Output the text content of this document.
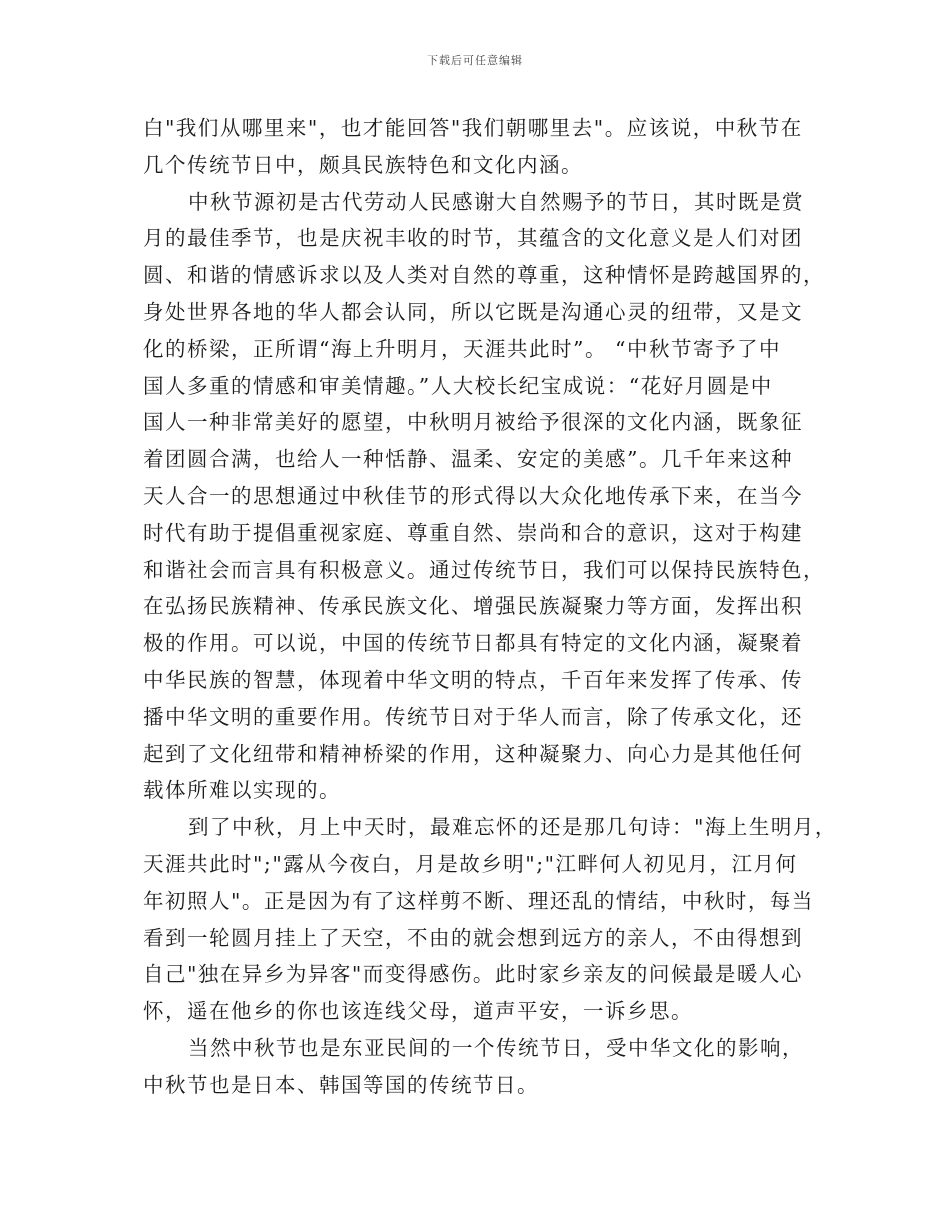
下载后可任意编辑
白"我们从哪里来"，也才能回答"我们朝哪里去"。应该说，中秋节在
几个传统节日中，颇具民族特色和文化内涵。
中秋节源初是古代劳动人民感谢大自然赐予的节日，其时既是赏
月的最佳季节，也是庆祝丰收的时节，其蕴含的文化意义是人们对团
圆、和谐的情感诉求以及人类对自然的尊重，这种情怀是跨越国界的，
身处世界各地的华人都会认同，所以它既是沟通心灵的纽带，又是文
化的桥梁，正所谓“海上升明月，天涯共此时”。 “中秋节寄予了中
国人多重的情感和审美情趣。”人大校长纪宝成说：“花好月圆是中
国人一种非常美好的愿望，中秋明月被给予很深的文化内涵，既象征
着团圆合满，也给人一种恬静、温柔、安定的美感”。几千年来这种
天人合一的思想通过中秋佳节的形式得以大众化地传承下来，在当今
时代有助于提倡重视家庭、尊重自然、崇尚和合的意识，这对于构建
和谐社会而言具有积极意义。通过传统节日，我们可以保持民族特色，
在弘扬民族精神、传承民族文化、增强民族凝聚力等方面，发挥出积
极的作用。可以说，中国的传统节日都具有特定的文化内涵，凝聚着
中华民族的智慧，体现着中华文明的特点，千百年来发挥了传承、传
播中华文明的重要作用。传统节日对于华人而言，除了传承文化，还
起到了文化纽带和精神桥梁的作用，这种凝聚力、向心力是其他任何
载体所难以实现的。
到了中秋，月上中天时，最难忘怀的还是那几句诗："海上生明月，
天涯共此时";"露从今夜白，月是故乡明";"江畔何人初见月，江月何
年初照人"。正是因为有了这样剪不断、理还乱的情结，中秋时，每当
看到一轮圆月挂上了天空，不由的就会想到远方的亲人，不由得想到
自己"独在异乡为异客"而变得感伤。此时家乡亲友的问候最是暖人心
怀，遥在他乡的你也该连线父母，道声平安，一诉乡思。
当然中秋节也是东亚民间的一个传统节日，受中华文化的影响，
中秋节也是日本、韩国等国的传统节日。
